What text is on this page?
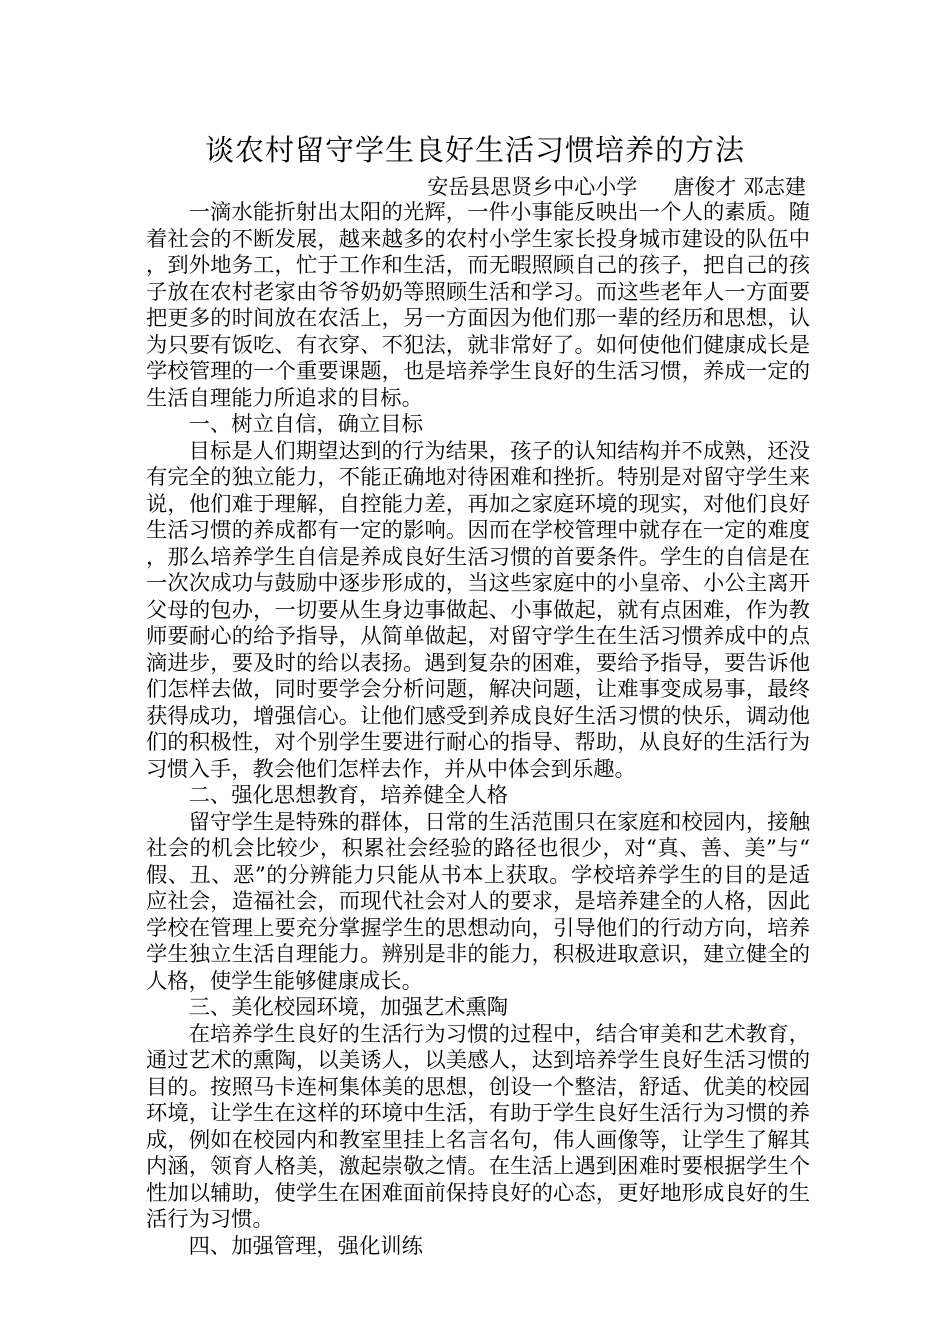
谈农村留守学生良好生活习惯培养的方法
安岳县思贤乡中心小学 唐俊才 邓志建

一滴水能折射出太阳的光辉，一件小事能反映出一个人的素质。随着社会的不断发展，越来越多的农村小学生家长投身城市建设的队伍中，到外地务工，忙于工作和生活，而无暇照顾自己的孩子，把自己的孩子放在农村老家由爷爷奶奶等照顾生活和学习。而这些老年人一方面要把更多的时间放在农活上，另一方面因为他们那一辈的经历和思想，认为只要有饭吃、有衣穿、不犯法，就非常好了。如何使他们健康成长是学校管理的一个重要课题，也是培养学生良好的生活习惯，养成一定的生活自理能力所追求的目标。

一、树立自信，确立目标

目标是人们期望达到的行为结果，孩子的认知结构并不成熟，还没有完全的独立能力，不能正确地对待困难和挫折。特别是对留守学生来说，他们难于理解，自控能力差，再加之家庭环境的现实，对他们良好生活习惯的养成都有一定的影响。因而在学校管理中就存在一定的难度，那么培养学生自信是养成良好生活习惯的首要条件。学生的自信是在一次次成功与鼓励中逐步形成的，当这些家庭中的小皇帝、小公主离开父母的包办，一切要从生身边事做起、小事做起，就有点困难，作为教师要耐心的给予指导，从简单做起，对留守学生在生活习惯养成中的点滴进步，要及时的给以表扬。遇到复杂的困难，要给予指导，要告诉他们怎样去做，同时要学会分析问题，解决问题，让难事变成易事，最终获得成功，增强信心。让他们感受到养成良好生活习惯的快乐，调动他们的积极性，对个别学生要进行耐心的指导、帮助，从良好的生活行为习惯入手，教会他们怎样去作，并从中体会到乐趣。

二、强化思想教育，培养健全人格

留守学生是特殊的群体，日常的生活范围只在家庭和校园内，接触社会的机会比较少，积累社会经验的路径也很少，对“真、善、美”与“假、丑、恶”的分辨能力只能从书本上获取。学校培养学生的目的是适应社会，造福社会，而现代社会对人的要求，是培养建全的人格，因此学校在管理上要充分掌握学生的思想动向，引导他们的行动方向，培养学生独立生活自理能力。辨别是非的能力，积极进取意识，建立健全的人格，使学生能够健康成长。

三、美化校园环境，加强艺术熏陶

在培养学生良好的生活行为习惯的过程中，结合审美和艺术教育，通过艺术的熏陶，以美诱人，以美感人，达到培养学生良好生活习惯的目的。按照马卡连柯集体美的思想，创设一个整洁，舒适、优美的校园环境，让学生在这样的环境中生活，有助于学生良好生活行为习惯的养成，例如在校园内和教室里挂上名言名句，伟人画像等，让学生了解其内涵，领育人格美，激起崇敬之情。在生活上遇到困难时要根据学生个性加以辅助，使学生在困难面前保持良好的心态，更好地形成良好的生活行为习惯。

四、加强管理，强化训练
